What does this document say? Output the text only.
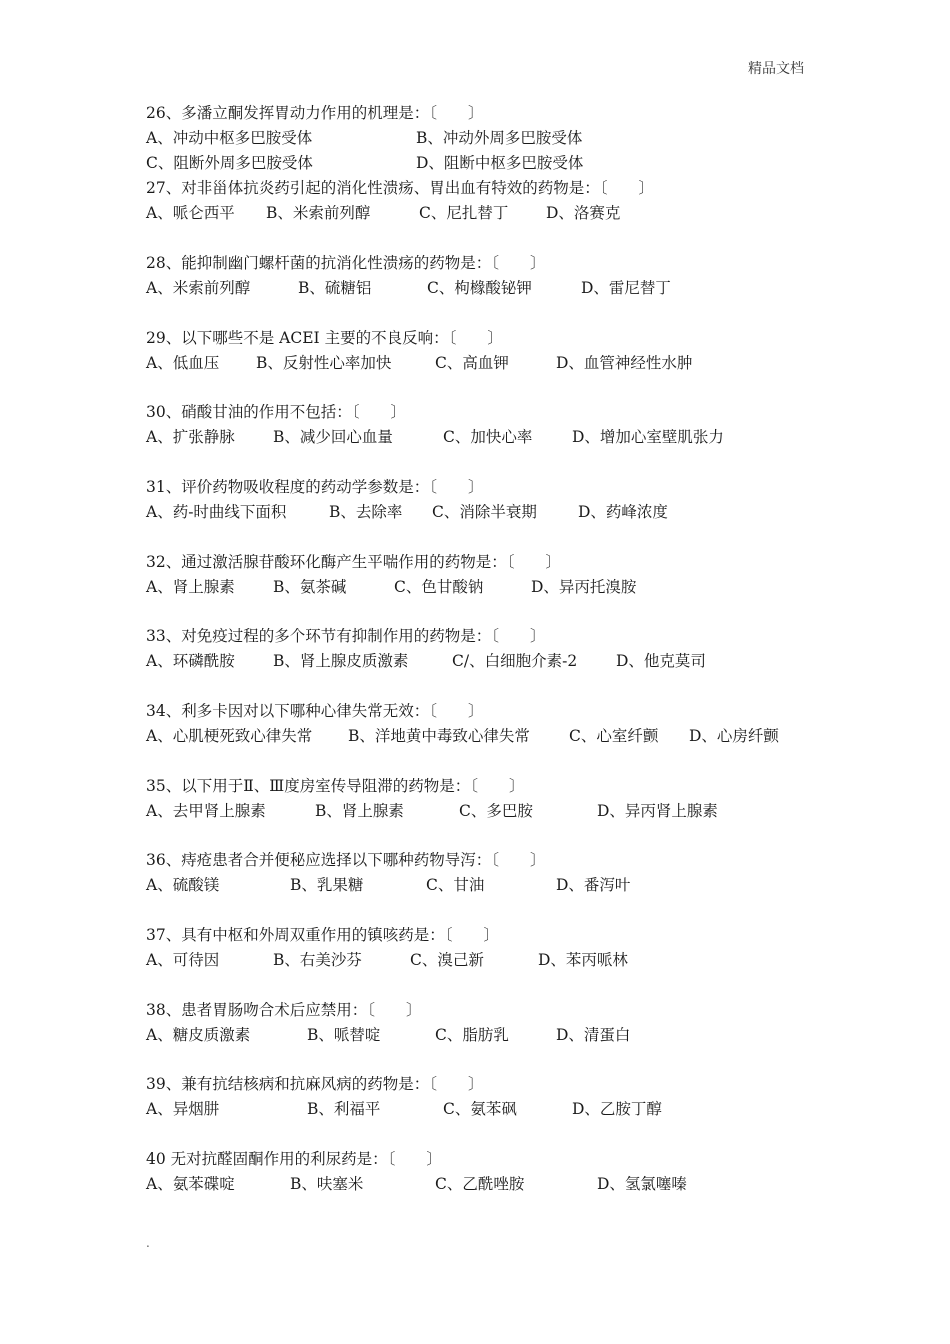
精品文档
26、多潘立酮发挥胃动力作用的机理是：〔　　〕
A、冲动中枢多巴胺受体	B、冲动外周多巴胺受体
C、阻断外周多巴胺受体	D、阻断中枢多巴胺受体
27、对非甾体抗炎药引起的消化性溃疡、胃出血有特效的药物是：〔　　〕
A、哌仑西平 B、米索前列醇	C、尼扎替丁 D、洛赛克
28、能抑制幽门螺杆菌的抗消化性溃疡的药物是：〔　　〕
A、米索前列醇	B、硫糖铝	C、枸橼酸铋钾	D、雷尼替丁
29、以下哪些不是 ACEI 主要的不良反响：〔　　〕
A、低血压 B、反射性心率加快	C、高血钾	D、血管神经性水肿
30、硝酸甘油的作用不包括：〔　　〕
A、扩张静脉 B、减少回心血量	C、加快心率	D、增加心室壁肌张力
31、评价药物吸收程度的药动学参数是：〔　　〕
A、药-时曲线下面积	B、去除率 C、消除半衰期	D、药峰浓度
32、通过激活腺苷酸环化酶产生平喘作用的药物是：〔　　〕
A、肾上腺素 B、氨茶碱	C、色甘酸钠	D、异丙托溴胺
33、对免疫过程的多个环节有抑制作用的药物是：〔　　〕
A、环磷酰胺 B、肾上腺皮质激素	C/、白细胞介素-2	D、他克莫司
34、利多卡因对以下哪种心律失常无效：〔　　〕
A、心肌梗死致心律失常 B、洋地黄中毒致心律失常	C、心室纤颤 D、心房纤颤
35、以下用于Ⅱ、Ⅲ度房室传导阻滞的药物是：〔　　〕
A、去甲肾上腺素	B、肾上腺素	C、多巴胺	D、异丙肾上腺素
36、痔疮患者合并便秘应选择以下哪种药物导泻：〔　　〕
A、硫酸镁	B、乳果糖	C、甘油	D、番泻叶
37、具有中枢和外周双重作用的镇咳药是：〔　　〕
A、可待因	B、右美沙芬	C、溴己新	D、苯丙哌林
38、患者胃肠吻合术后应禁用：〔　　〕
A、糖皮质激素	B、哌替啶	C、脂肪乳	D、清蛋白
39、兼有抗结核病和抗麻风病的药物是：〔　　〕
A、异烟肼	B、利福平	C、氨苯砜	D、乙胺丁醇
40 无对抗醛固酮作用的利尿药是：〔　　〕
A、氨苯碟啶	B、呋塞米	C、乙酰唑胺	D、氢氯噻嗪
.
